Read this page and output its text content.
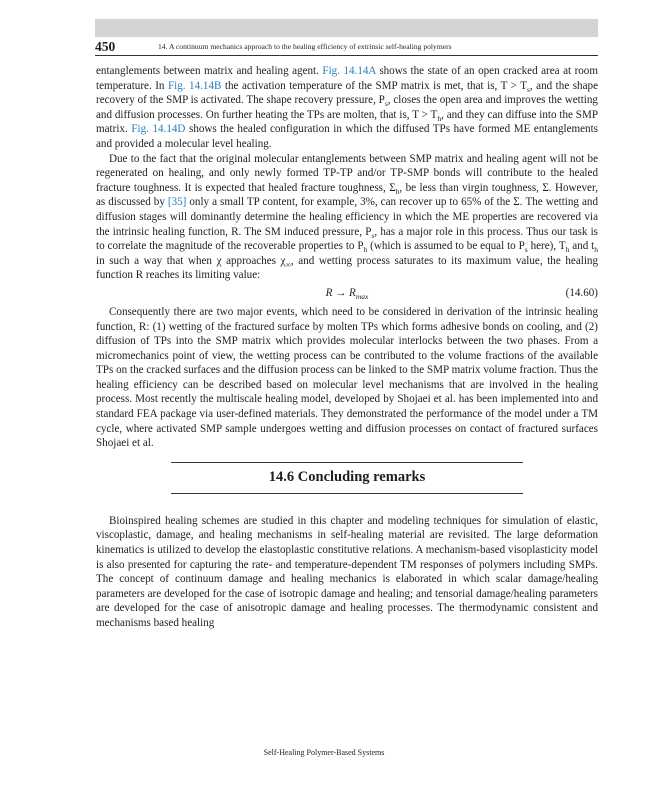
450	14. A continuum mechanics approach to the healing efficiency of extrinsic self-healing polymers

entanglements between matrix and healing agent. Fig. 14.14A shows the state of an open cracked area at room temperature. In Fig. 14.14B the activation temperature of the SMP matrix is met, that is, $T > T_s$, and the shape recovery of the SMP is activated. The shape recovery pressure, $P_s$, closes the open area and improves the wetting and diffusion processes. On further heating the TPs are molten, that is, $T > T_h$, and they can diffuse into the SMP matrix. Fig. 14.14D shows the healed configuration in which the diffused TPs have formed ME entanglements and provided a molecular level healing.

Due to the fact that the original molecular entanglements between SMP matrix and healing agent will not be regenerated on healing, and only newly formed TP-TP and/or TP-SMP bonds will contribute to the healed fracture toughness. It is expected that healed fracture toughness, $\Sigma_h$, be less than virgin toughness, Σ. However, as discussed by [35] only a small TP content, for example, 3%, can recover up to 65% of the Σ. The wetting and diffusion stages will dominantly determine the healing efficiency in which the ME properties are recovered via the intrinsic healing function, R. The SM induced pressure, $P_s$, has a major role in this process. Thus our task is to correlate the magnitude of the recoverable properties to $P_h$ (which is assumed to be equal to $P_s$ here), $T_h$ and $t_h$ in such a way that when χ approaches $\chi_\infty$, and wetting process saturates to its maximum value, the healing function R reaches its limiting value:

$R \to R_{max}$	(14.60)

Consequently there are two major events, which need to be considered in derivation of the intrinsic healing function, R: (1) wetting of the fractured surface by molten TPs which forms adhesive bonds on cooling, and (2) diffusion of TPs into the SMP matrix which provides molecular interlocks between the two phases. From a micromechanics point of view, the wetting process can be contributed to the volume fractions of the available TPs on the cracked surfaces and the diffusion process can be linked to the SMP matrix volume fraction. Thus the healing efficiency can be described based on molecular level mechanisms that are involved in the healing process. Most recently the multiscale healing model, developed by Shojaei et al. has been implemented into and standard FEA package via user-defined materials. They demonstrated the performance of the model under a TM cycle, where activated SMP sample undergoes wetting and diffusion processes on contact of fractured surfaces Shojaei et al.

14.6 Concluding remarks

Bioinspired healing schemes are studied in this chapter and modeling techniques for simulation of elastic, viscoplastic, damage, and healing mechanisms in self-healing material are revisited. The large deformation kinematics is utilized to develop the elastoplastic constitutive relations. A mechanism-based visoplasticity model is also presented for capturing the rate- and temperature-dependent TM responses of polymers including SMPs. The concept of continuum damage and healing mechanics is elaborated in which scalar damage/healing parameters are developed for the case of isotropic damage and healing; and tensorial damage/healing parameters are developed for the case of anisotropic damage and healing processes. The thermodynamic consistent and mechanisms based healing

Self-Healing Polymer-Based Systems
